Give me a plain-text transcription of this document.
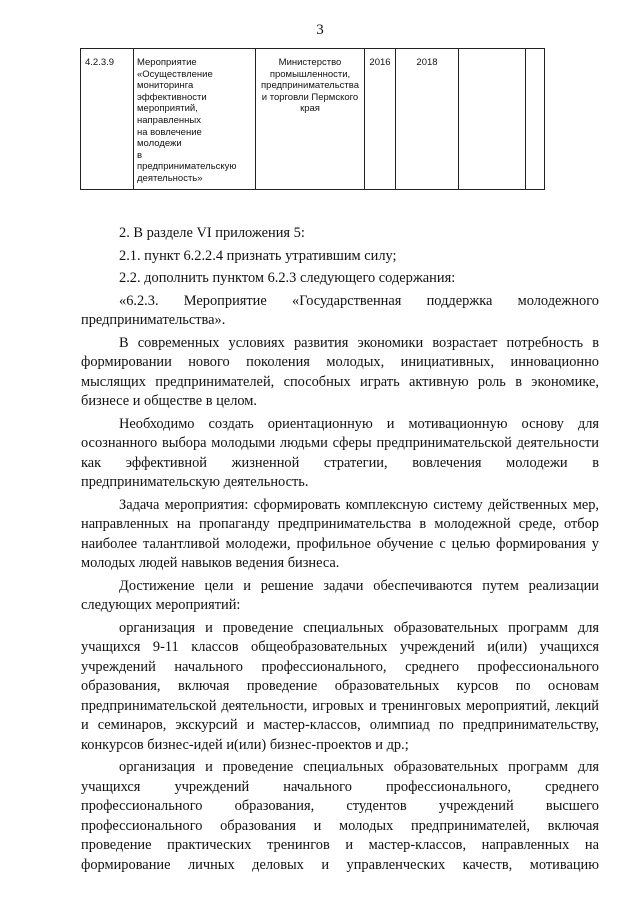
3
4.2.3.9	Мероприятие
«Осуществление
мониторинга
эффективности
мероприятий,
направленных
на вовлечение
молодежи
в
предпринимательскую
деятельность»	Министерство
промышленности,
предпринимательства
и торговли Пермского
края	2016	2018		

2. В разделе VI приложения 5:

2.1. пункт 6.2.2.4 признать утратившим силу;

2.2. дополнить пунктом 6.2.3 следующего содержания:

«6.2.3. Мероприятие «Государственная поддержка молодежного предпринимательства».

В современных условиях развития экономики возрастает потребность в формировании нового поколения молодых, инициативных, инновационно мыслящих предпринимателей, способных играть активную роль в экономике, бизнесе и обществе в целом.

Необходимо создать ориентационную и мотивационную основу для осознанного выбора молодыми людьми сферы предпринимательской деятельности как эффективной жизненной стратегии, вовлечения молодежи в предпринимательскую деятельность.

Задача мероприятия: сформировать комплексную систему действенных мер, направленных на пропаганду предпринимательства в молодежной среде, отбор наиболее талантливой молодежи, профильное обучение с целью формирования у молодых людей навыков ведения бизнеса.

Достижение цели и решение задачи обеспечиваются путем реализации следующих мероприятий:

организация и проведение специальных образовательных программ для учащихся 9-11 классов общеобразовательных учреждений и(или) учащихся учреждений начального профессионального, среднего профессионального образования, включая проведение образовательных курсов по основам предпринимательской деятельности, игровых и тренинговых мероприятий, лекций и семинаров, экскурсий и мастер-классов, олимпиад по предпринимательству, конкурсов бизнес-идей и(или) бизнес-проектов и др.;

организация и проведение специальных образовательных программ для учащихся учреждений начального профессионального, среднего профессионального образования, студентов учреждений высшего профессионального образования и молодых предпринимателей, включая проведение практических тренингов и мастер-классов, направленных на формирование личных деловых и управленческих качеств, мотивацию
